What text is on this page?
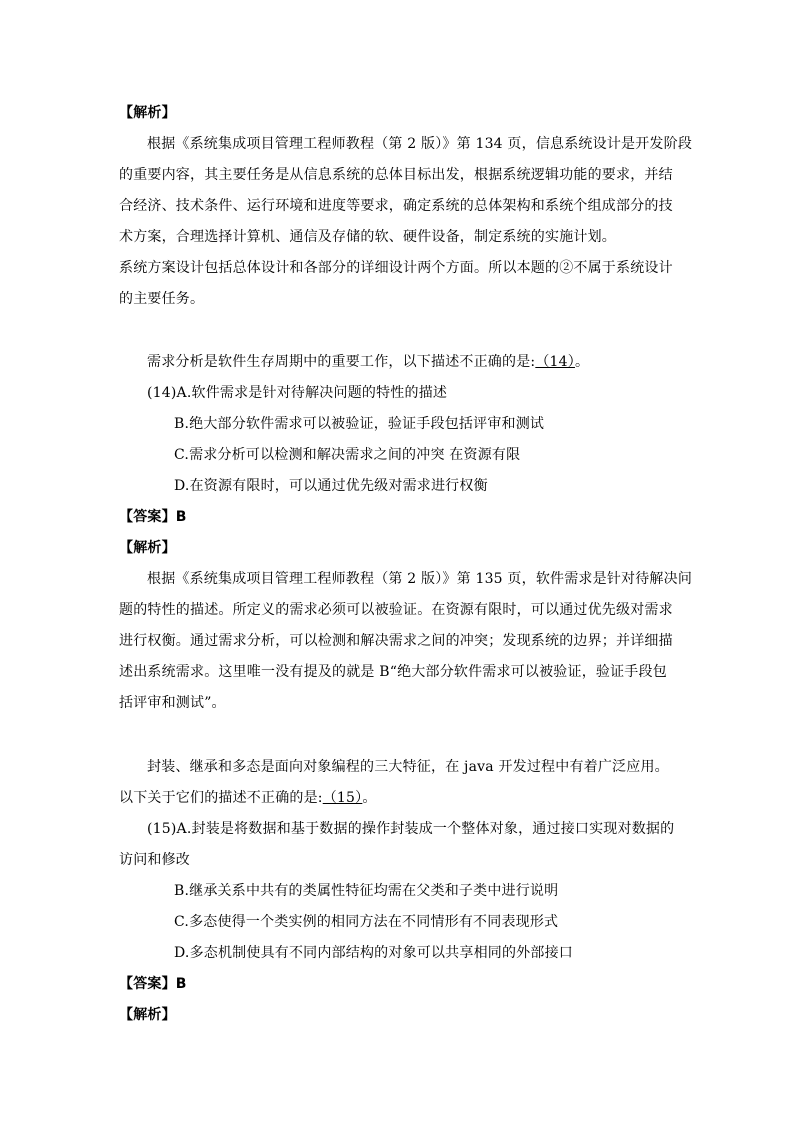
【解析】
根据《系统集成项目管理工程师教程（第 2 版）》第 134 页，信息系统设计是开发阶段
的重要内容，其主要任务是从信息系统的总体目标出发，根据系统逻辑功能的要求，并结
合经济、技术条件、运行环境和进度等要求，确定系统的总体架构和系统个组成部分的技
术方案，合理选择计算机、通信及存储的软、硬件设备，制定系统的实施计划。
系统方案设计包括总体设计和各部分的详细设计两个方面。所以本题的②不属于系统设计
的主要任务。
需求分析是软件生存周期中的重要工作，以下描述不正确的是:（14）。
(14)A.软件需求是针对待解决问题的特性的描述
B.绝大部分软件需求可以被验证，验证手段包括评审和测试
C.需求分析可以检测和解决需求之间的冲突 在资源有限
D.在资源有限时，可以通过优先级对需求进行权衡
【答案】B
【解析】
根据《系统集成项目管理工程师教程（第 2 版）》第 135 页，软件需求是针对待解决问
题的特性的描述。所定义的需求必须可以被验证。在资源有限时，可以通过优先级对需求
进行权衡。通过需求分析，可以检测和解决需求之间的冲突；发现系统的边界；并详细描
述出系统需求。这里唯一没有提及的就是 B“绝大部分软件需求可以被验证，验证手段包
括评审和测试”。
封装、继承和多态是面向对象编程的三大特征，在 java 开发过程中有着广泛应用。
以下关于它们的描述不正确的是:（15）。
(15)A.封装是将数据和基于数据的操作封装成一个整体对象，通过接口实现对数据的
访问和修改
B.继承关系中共有的类属性特征均需在父类和子类中进行说明
C.多态使得一个类实例的相同方法在不同情形有不同表现形式
D.多态机制使具有不同内部结构的对象可以共享相同的外部接口
【答案】B
【解析】
